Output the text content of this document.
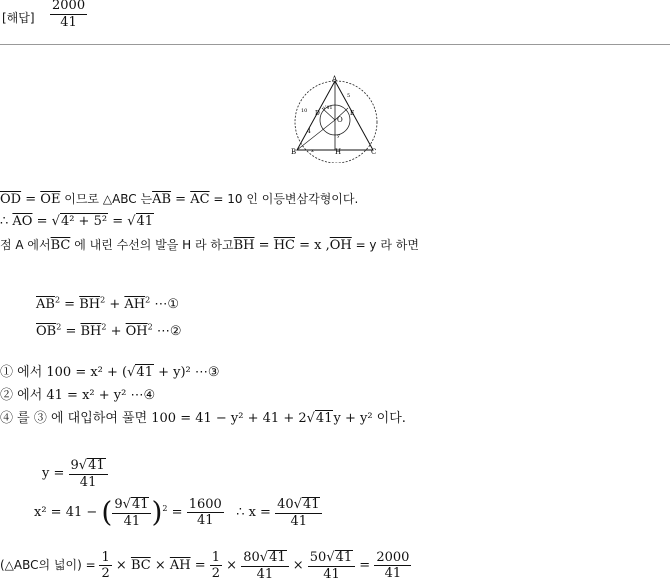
[해답] $\frac{2000}{41}$
A
B	C
H
O
D	E
10
5
4
√41
x
y
$\overline{OD} = \overline{OE}$ 이므로 △ABC 는$\overline{AB} = \overline{AC} = 10$ 인 이등변삼각형이다.
∴ $\overline{AO} = √4^2 + 5^2 = √41$
점 A 에서$\overline{BC}$ 에 내린 수선의 발을 H 라 하고$\overline{BH} = \overline{HC} = x$ $,\overline{OH} = y$ 라 하면
$\overline{AB}^2 = \overline{BH}^2 + \overline{AH}^2$ ⋯①
$\overline{OB}^2 = \overline{BH}^2 + \overline{OH}^2$ ⋯②
① 에서 100 = x² + (√41 + y)² ⋯③
② 에서 41 = x² + y² ⋯④
④ 를 ③ 에 대입하여 풀면 100 = 41 − y² + 41 + 2√41y + y² 이다.
$y = \frac{9√41}{41}$
x² = 41 − ( $\frac{9√41}{41} )^2 = \frac{1600}{41}$ ∴ $x = \frac{40√41}{41}$
(△ABC의 넓이) = $\frac{1}{2} \times \overline{BC} \times \overline{AH} = \frac{1}{2} \times \frac{80√41}{41} \times \frac{50√41}{41} = \frac{2000}{41}$
